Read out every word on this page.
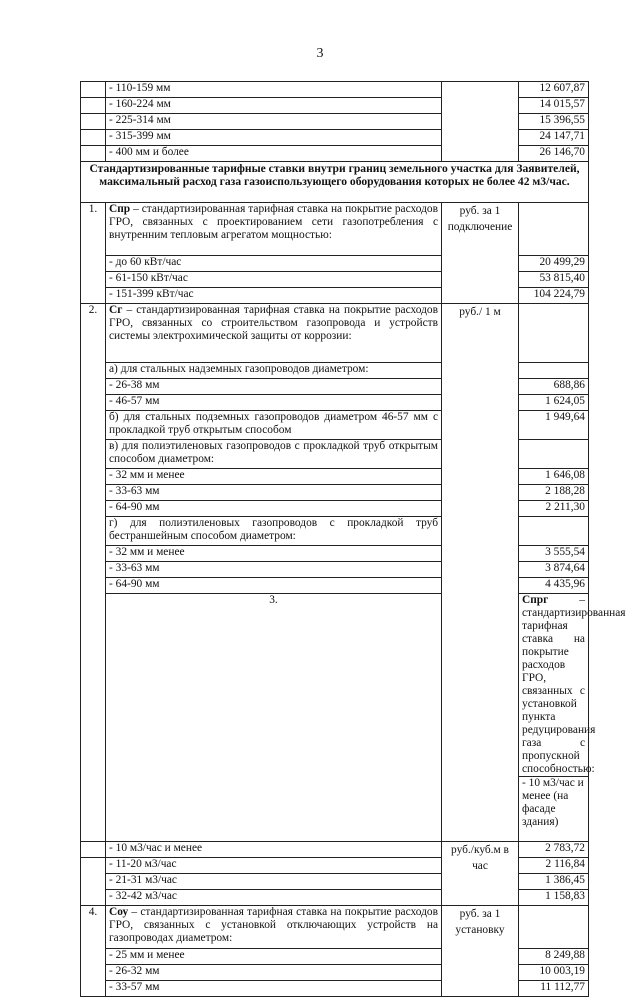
3
	- 110-159 мм		12 607,87	
	- 160-224 мм		14 015,57	
	- 225-314 мм		15 396,55	
	- 315-399 мм		24 147,71	
	- 400 мм и более		26 146,70	
Стандартизированные тарифные ставки внутри границ земельного участка для Заявителей, максимальный расход газа газоиспользующего оборудования которых не более 42 м3/час.				
1.	Спр – стандартизированная тарифная ставка на покрытие расходов ГРО, связанных с проектированием сети газопотребления с внутренним тепловым агрегатом мощностью:	руб. за 1 подключение		
	- до 60 кВт/час		20 499,29	
	- 61-150 кВт/час		53 815,40	
	- 151-399 кВт/час		104 224,79	
2.	Сг – стандартизированная тарифная ставка на покрытие расходов ГРО, связанных со строительством газопровода и устройств системы электрохимической защиты от коррозии:	руб./ 1 м		
	а) для стальных надземных газопроводов диаметром:			
	- 26-38 мм		688,86	
	- 46-57 мм		1 624,05	
	б) для стальных подземных газопроводов диаметром 46-57 мм с прокладкой труб открытым способом		1 949,64	
	в) для полиэтиленовых газопроводов с прокладкой труб открытым способом диаметром:			
	- 32 мм и менее		1 646,08	
	- 33-63 мм		2 188,28	
	- 64-90 мм		2 211,30	
	г) для полиэтиленовых газопроводов с прокладкой труб бестраншейным способом диаметром:			
	- 32 мм и менее		3 555,54	
	- 33-63 мм		3 874,64	
	- 64-90 мм		4 435,96	
	3.		Спрг – стандартизированная тарифная ставка на покрытие расходов ГРО, связанных с установкой пункта редуцирования газа с пропускной способностью:		
			- 10 м3/час и менее (на фасаде здания)		
	- 10 м3/час и менее	руб./куб.м в час	2 783,72	
	- 11-20 м3/час		2 116,84	
	- 21-31 м3/час		1 386,45	
	- 32-42 м3/час		1 158,83	
4.	Соу – стандартизированная тарифная ставка на покрытие расходов ГРО, связанных с установкой отключающих устройств на газопроводах диаметром:	руб. за 1 установку		
	- 25 мм и менее		8 249,88	
	- 26-32 мм		10 003,19	
	- 33-57 мм		11 112,77	
